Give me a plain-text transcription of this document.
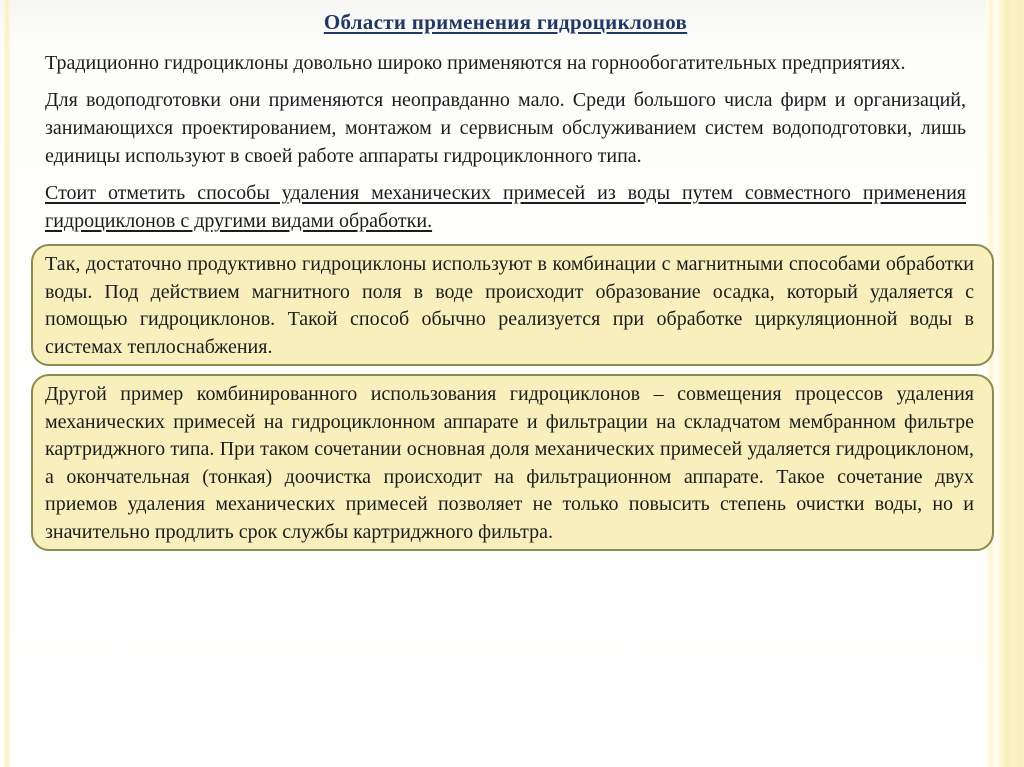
Области применения гидроциклонов

Традиционно гидроциклоны довольно широко применяются на горнообогатительных предприятиях.

Для водоподготовки они применяются неоправданно мало. Среди большого числа фирм и организаций, занимающихся проектированием, монтажом и сервисным обслуживанием систем водоподготовки, лишь единицы используют в своей работе аппараты гидроциклонного типа.

Стоит отметить способы удаления механических примесей из воды путем совместного применения гидроциклонов с другими видами обработки.

Так, достаточно продуктивно гидроциклоны используют в комбинации с магнитными способами обработки воды. Под действием магнитного поля в воде происходит образование осадка, который удаляется с помощью гидроциклонов. Такой способ обычно реализуется при обработке циркуляционной воды в системах теплоснабжения.

Другой пример комбинированного использования гидроциклонов – совмещения процессов удаления механических примесей на гидроциклонном аппарате и фильтрации на складчатом мембранном фильтре картриджного типа. При таком сочетании основная доля механических примесей удаляется гидроциклоном, а окончательная (тонкая) доочистка происходит на фильтрационном аппарате. Такое сочетание двух приемов удаления механических примесей позволяет не только повысить степень очистки воды, но и значительно продлить срок службы картриджного фильтра.
